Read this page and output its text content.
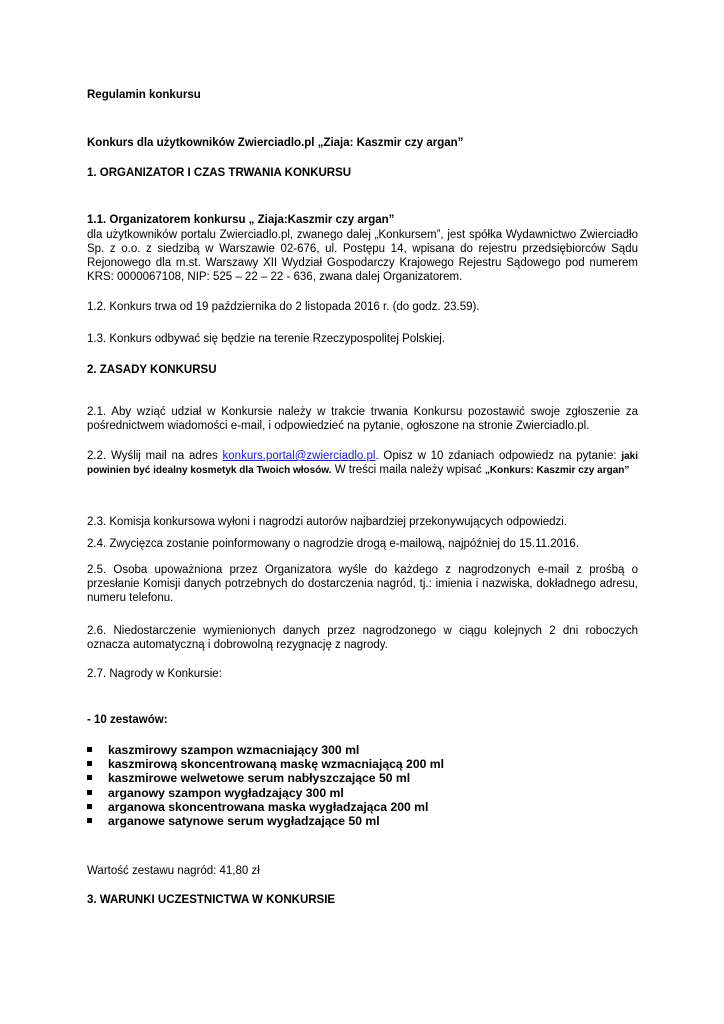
Regulamin konkursu

Konkurs dla użytkowników Zwierciadlo.pl „Ziaja: Kaszmir czy argan”

1. ORGANIZATOR I CZAS TRWANIA KONKURSU

1.1. Organizatorem konkursu „ Ziaja:Kaszmir czy argan”

dla użytkowników portalu Zwierciadlo.pl, zwanego dalej „Konkursem”, jest spółka Wydawnictwo Zwierciadło Sp. z o.o. z siedzibą w Warszawie 02-676, ul. Postępu 14, wpisana do rejestru przedsiębiorców Sądu Rejonowego dla m.st. Warszawy XII Wydział Gospodarczy Krajowego Rejestru Sądowego pod numerem KRS: 0000067108, NIP: 525 – 22 – 22 - 636, zwana dalej Organizatorem.

1.2. Konkurs trwa od 19 października do 2 listopada 2016 r. (do godz. 23.59).

1.3. Konkurs odbywać się będzie na terenie Rzeczypospolitej Polskiej.

2. ZASADY KONKURSU

2.1. Aby wziąć udział w Konkursie należy w trakcie trwania Konkursu pozostawić swoje zgłoszenie za pośrednictwem wiadomości e-mail, i odpowiedzieć na pytanie, ogłoszone na stronie Zwierciadlo.pl.

2.2. Wyślij mail na adres konkurs.portal@zwierciadlo.pl. Opisz w 10 zdaniach odpowiedz na pytanie: jaki powinien być idealny kosmetyk dla Twoich włosów. W treści maila należy wpisać „Konkurs: Kaszmir czy argan”

2.3. Komisja konkursowa wyłoni i nagrodzi autorów najbardziej przekonywujących odpowiedzi.

2.4. Zwycięzca zostanie poinformowany o nagrodzie drogą e-mailową, najpóźniej do 15.11.2016.

2.5. Osoba upoważniona przez Organizatora wyśle do każdego z nagrodzonych e-mail z prośbą o przesłanie Komisji danych potrzebnych do dostarczenia nagród, tj.: imienia i nazwiska, dokładnego adresu, numeru telefonu.

2.6. Niedostarczenie wymienionych danych przez nagrodzonego w ciągu kolejnych 2 dni roboczych oznacza automatyczną i dobrowolną rezygnację z nagrody.

2.7. Nagrody w Konkursie:

- 10 zestawów:

kaszmirowy szampon wzmacniający 300 ml
kaszmirową skoncentrowaną maskę wzmacniającą 200 ml
kaszmirowe welwetowe serum nabłyszczające 50 ml
arganowy szampon wygładzający 300 ml
arganowa skoncentrowana maska wygładzająca 200 ml
arganowe satynowe serum wygładzające 50 ml

Wartość zestawu nagród: 41,80 zł

3. WARUNKI UCZESTNICTWA W KONKURSIE
